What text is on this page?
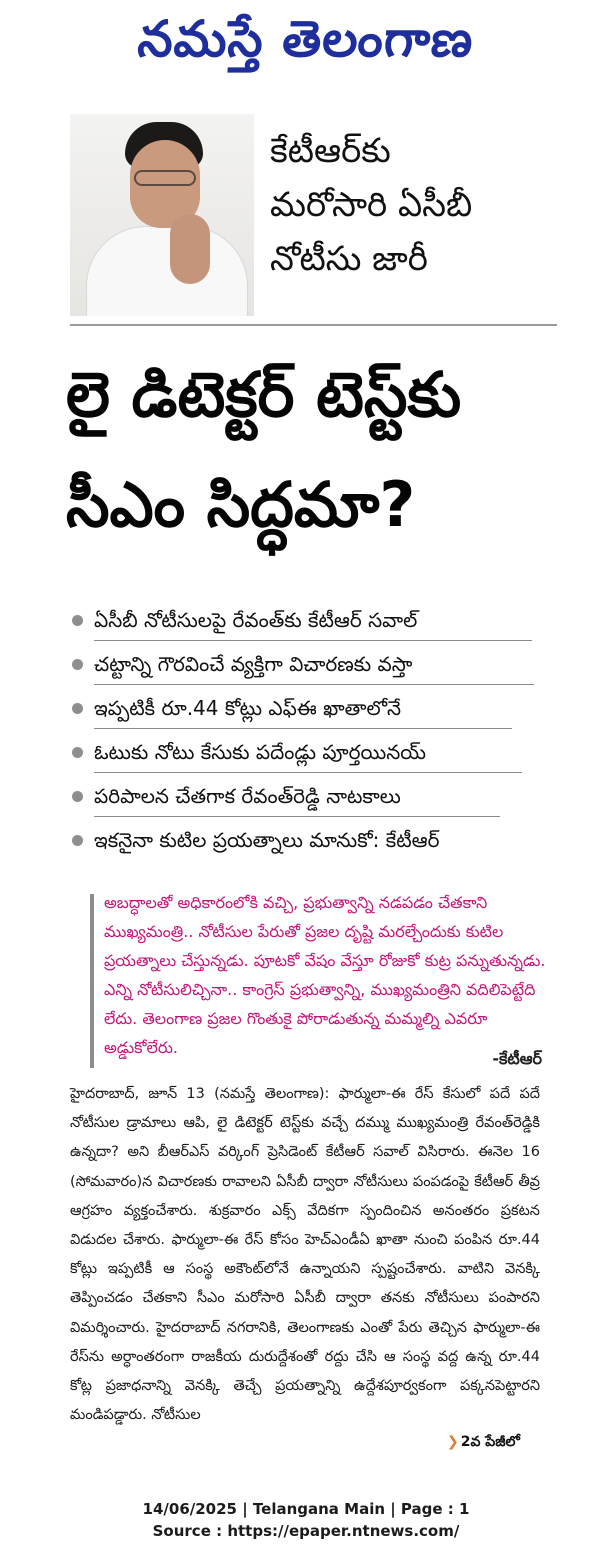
నమస్తే తెలంగాణ
కేటీఆర్‌కు
మరోసారి ఏసీబీ
నోటీసు జారీ
లై డిటెక్టర్‌ టెస్ట్‌కు
సీఎం సిద్ధమా?
ఏసీబీ నోటీసులపై రేవంత్‌కు కేటీఆర్‌ సవాల్‌
చట్టాన్ని గౌరవించే వ్యక్తిగా విచారణకు వస్తా
ఇప్పటికీ రూ.44 కోట్లు ఎఫ్‌ఈ ఖాతాలోనే
ఓటుకు నోటు కేసుకు పదేండ్లు పూర్తయినయ్‌
పరిపాలన చేతగాక రేవంత్‌రెడ్డి నాటకాలు
ఇకనైనా కుటిల ప్రయత్నాలు మానుకో: కేటీఆర్‌
అబద్ధాలతో అధికారంలోకి వచ్చి, ప్రభుత్వాన్ని నడపడం చేతకాని ముఖ్యమంత్రి.. నోటీసుల పేరుతో ప్రజల దృష్టి మరల్చేందుకు కుటిల ప్రయత్నాలు చేస్తున్నడు. పూటకో వేషం వేస్తూ రోజుకో కుట్ర పన్నుతున్నడు. ఎన్ని నోటీసులిచ్చినా.. కాంగ్రెస్‌ ప్రభుత్వాన్ని, ముఖ్యమంత్రిని వదిలిపెట్టేది లేదు. తెలంగాణ ప్రజల గొంతుకై పోరాడుతున్న మమ్మల్ని ఎవరూ అడ్డుకోలేరు.
-కేటీఆర్‌
హైదరాబాద్‌, జూన్‌ 13 (నమస్తే తెలంగాణ): ఫార్ములా-ఈ రేస్‌ కేసులో పదే పదే నోటీసుల డ్రామాలు ఆపి, లై డిటెక్టర్‌ టెస్ట్‌కు వచ్చే దమ్ము ముఖ్యమంత్రి రేవంత్‌రెడ్డికి ఉన్నదా? అని బీఆర్‌ఎస్‌ వర్కింగ్‌ ప్రెసిడెంట్‌ కేటీఆర్‌ సవాల్‌ విసిరారు. ఈనెల 16 (సోమవారం)న విచారణకు రావాలని ఏసీబీ ద్వారా నోటీసులు పంపడంపై కేటీఆర్‌ తీవ్ర ఆగ్రహం వ్యక్తంచేశారు. శుక్రవారం ఎక్స్‌ వేదికగా స్పందించిన అనంతరం ప్రకటన విడుదల చేశారు. ఫార్ములా-ఈ రేస్‌ కోసం హెచ్‌ఎండీఏ ఖాతా నుంచి పంపిన రూ.44 కోట్లు ఇప్పటికీ ఆ సంస్థ అకౌంట్‌లోనే ఉన్నాయని స్పష్టంచేశారు. వాటిని వెనక్కి తెప్పించడం చేతకాని సీఎం మరోసారి ఏసీబీ ద్వారా తనకు నోటీసులు పంపారని విమర్శించారు. హైదరాబాద్‌ నగరానికి, తెలంగాణకు ఎంతో పేరు తెచ్చిన ఫార్ములా-ఈ రేస్‌ను అర్ధాంతరంగా రాజకీయ దురుద్దేశంతో రద్దు చేసి ఆ సంస్థ వద్ద ఉన్న రూ.44 కోట్ల ప్రజాధనాన్ని వెనక్కి తెచ్చే ప్రయత్నాన్ని ఉద్దేశపూర్వకంగా పక్కనపెట్టారని మండిపడ్డారు. నోటీసుల
❯ 2వ పేజీలో
14/06/2025 | Telangana Main | Page : 1
Source : https://epaper.ntnews.com/
